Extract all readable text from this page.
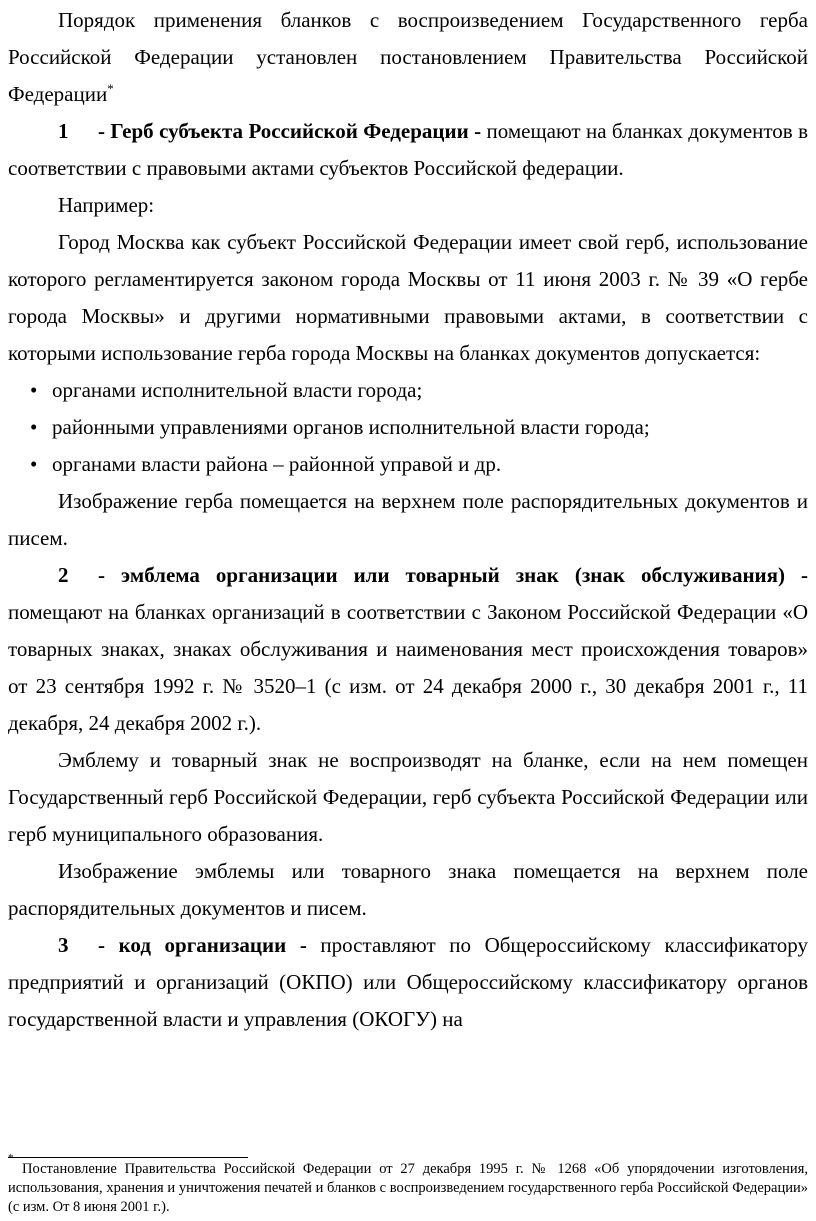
Порядок применения бланков с воспроизведением Государственного герба Российской Федерации установлен постановлением Правительства Российской Федерации*

1 - Герб субъекта Российской Федерации - помещают на бланках документов в соответствии с правовыми актами субъектов Российской федерации.

Например:

Город Москва как субъект Российской Федерации имеет свой герб, использование которого регламентируется законом города Москвы от 11 июня 2003 г. № 39 «О гербе города Москвы» и другими нормативными правовыми актами, в соответствии с которыми использование герба города Москвы на бланках документов допускается:

• органами исполнительной власти города;

• районными управлениями органов исполнительной власти города;

• органами власти района – районной управой и др.

Изображение герба помещается на верхнем поле распорядительных документов и писем.

2 - эмблема организации или товарный знак (знак обслуживания) - помещают на бланках организаций в соответствии с Законом Российской Федерации «О товарных знаках, знаках обслуживания и наименования мест происхождения товаров» от 23 сентября 1992 г. № 3520–1 (с изм. от 24 декабря 2000 г., 30 декабря 2001 г., 11 декабря, 24 декабря 2002 г.).

Эмблему и товарный знак не воспроизводят на бланке, если на нем помещен Государственный герб Российской Федерации, герб субъекта Российской Федерации или герб муниципального образования.

Изображение эмблемы или товарного знака помещается на верхнем поле распорядительных документов и писем.

3 - код организации - проставляют по Общероссийскому классификатору предприятий и организаций (ОКПО) или Общероссийскому классификатору органов государственной власти и управления (ОКОГУ) на

*

Постановление Правительства Российской Федерации от 27 декабря 1995 г. № 1268 «Об упорядочении изготовления, использования, хранения и уничтожения печатей и бланков с воспроизведением государственного герба Российской Федерации» (с изм. От 8 июня 2001 г.).
